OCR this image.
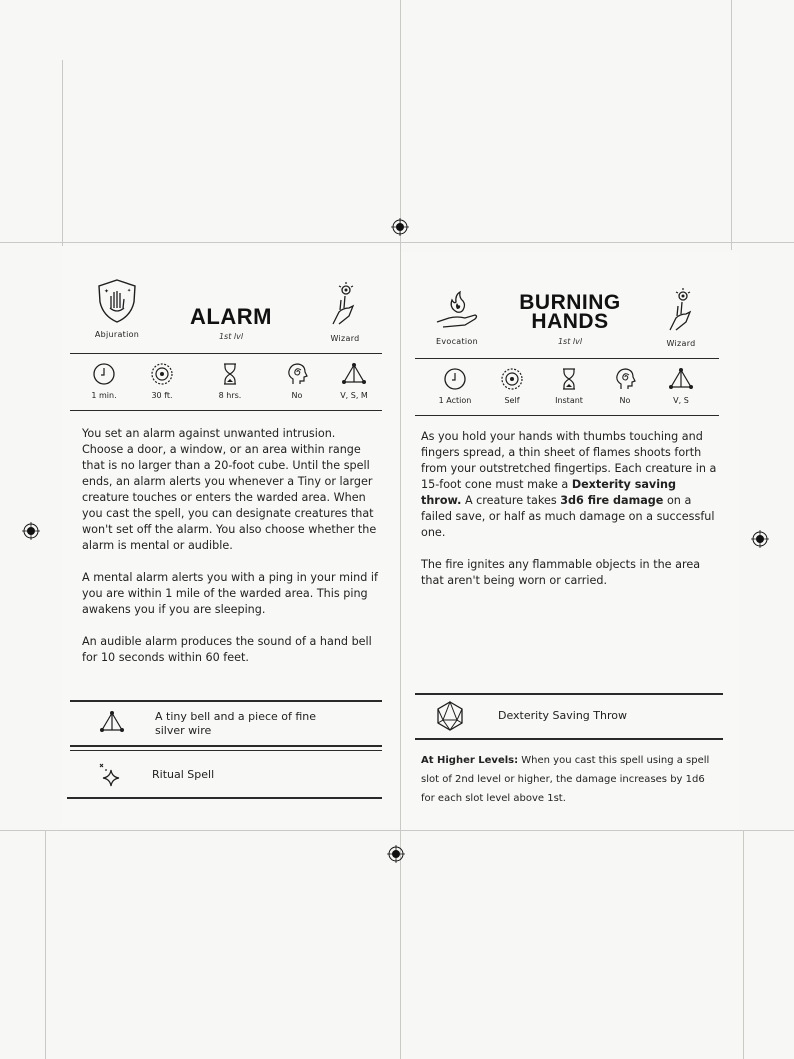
✦	✦
Abjuration
ALARM
1st lvl	Wizard
1 min.	30 ft.	8 hrs.	No	V, S, M

You set an alarm against unwanted intrusion. Choose a door, a window, or an area within range that is no larger than a 20-foot cube. Until the spell ends, an alarm alerts you whenever a Tiny or larger creature touches or enters the warded area. When you cast the spell, you can designate creatures that won't set off the alarm. You also choose whether the alarm is mental or audible.

A mental alarm alerts you with a ping in your mind if you are within 1 mile of the warded area. This ping awakens you if you are sleeping.

An audible alarm produces the sound of a hand bell for 10 seconds within 60 feet.

A tiny bell and a piece of fine silver wire
Ritual Spell
Evocation
BURNING
HANDS
1st lvl	Wizard
1 Action	Self	Instant	No	V, S

As you hold your hands with thumbs touching and fingers spread, a thin sheet of flames shoots forth from your outstretched fingertips. Each creature in a 15-foot cone must make a Dexterity saving throw. A creature takes 3d6 fire damage on a failed save, or half as much damage on a successful one.

The fire ignites any flammable objects in the area that aren't being worn or carried.

Dexterity Saving Throw
At Higher Levels: When you cast this spell using a spell slot of 2nd level or higher, the damage increases by 1d6 for each slot level above 1st.
